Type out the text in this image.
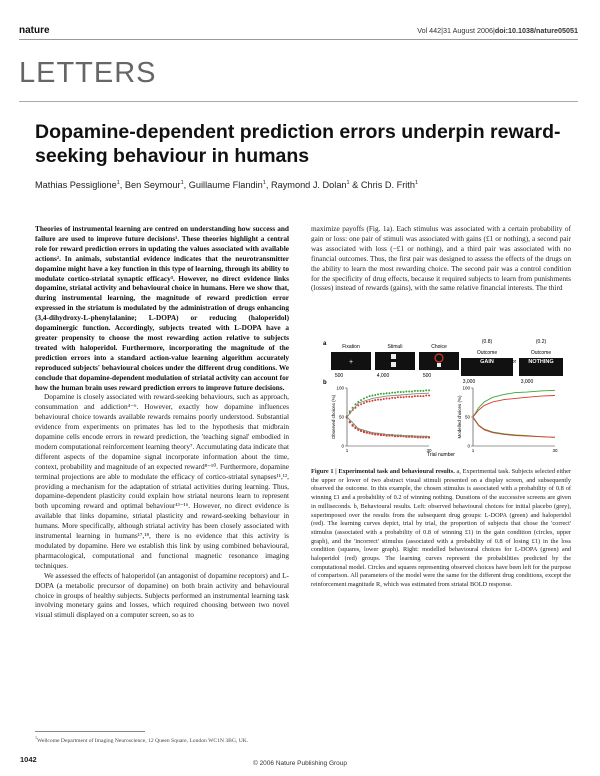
nature	Vol 442|31 August 2006|doi:10.1038/nature05051
LETTERS
Dopamine-dependent prediction errors underpin reward-seeking behaviour in humans
Mathias Pessiglione$^1$, Ben Seymour$^1$, Guillaume Flandin$^1$, Raymond J. Dolan$^1$ & Chris D. Frith$^1$

Theories of instrumental learning are centred on understanding how success and failure are used to improve future decisions¹. These theories highlight a central role for reward prediction errors in updating the values associated with available actions². In animals, substantial evidence indicates that the neurotransmitter dopamine might have a key function in this type of learning, through its ability to modulate cortico-striatal synaptic efficacy³. However, no direct evidence links dopamine, striatal activity and behavioural choice in humans. Here we show that, during instrumental learning, the magnitude of reward prediction error expressed in the striatum is modulated by the administration of drugs enhancing (3,4-dihydroxy-L-phenylalanine; L-DOPA) or reducing (haloperidol) dopaminergic function. Accordingly, subjects treated with L-DOPA have a greater propensity to choose the most rewarding action relative to subjects treated with haloperidol. Furthermore, incorporating the magnitude of the prediction errors into a standard action-value learning algorithm accurately reproduced subjects' behavioural choices under the different drug conditions. We conclude that dopamine-dependent modulation of striatal activity can account for how the human brain uses reward prediction errors to improve future decisions.

Dopamine is closely associated with reward-seeking behaviours, such as approach, consummation and addiction⁴⁻⁶. However, exactly how dopamine influences behavioural choice towards available rewards remains poorly understood. Substantial evidence from experiments on primates has led to the hypothesis that midbrain dopamine cells encode errors in reward prediction, the 'teaching signal' embodied in modern computational reinforcement learning theory⁷. Accumulating data indicate that different aspects of the dopamine signal incorporate information about the time, context, probability and magnitude of an expected reward⁸⁻¹⁰. Furthermore, dopamine terminal projections are able to modulate the efficacy of cortico-striatal synapses¹¹,¹², providing a mechanism for the adaptation of striatal activities during learning. Thus, dopamine-dependent plasticity could explain how striatal neurons learn to represent both upcoming reward and optimal behaviour¹³⁻¹⁶. However, no direct evidence is available that links dopamine, striatal plasticity and reward-seeking behaviour in humans. More specifically, although striatal activity has been closely associated with instrumental learning in humans¹⁷,¹⁸, there is no evidence that this activity is modulated by dopamine. Here we establish this link by using combined behavioural, pharmacological, computational and functional magnetic resonance imaging techniques.

We assessed the effects of haloperidol (an antagonist of dopamine receptors) and L-DOPA (a metabolic precursor of dopamine) on both brain activity and behavioural choice in groups of healthy subjects. Subjects performed an instrumental learning task involving monetary gains and losses, which required choosing between two novel visual stimuli displayed on a computer screen, so as to

maximize payoffs (Fig. 1a). Each stimulus was associated with a certain probability of gain or loss: one pair of stimuli was associated with gains (£1 or nothing), a second pair was associated with loss (−£1 or nothing), and a third pair was associated with no financial outcomes. Thus, the first pair was designed to assess the effects of the drugs on the ability to learn the most rewarding choice. The second pair was a control condition for the specificity of drug effects, because it required subjects to learn from punishments (losses) instead of rewards (gains), with the same relative financial interests. The third

a	Fixation
500
Stimuli
4,000
Choice
500
Outcome
3,000
Outcome
3,000
(0.8)	(0.2)
+	GAIN	NOTHING
or
b
0
50
100
1	30
Observed choices (%)
0
50
100
1	30
Modelled choices (%)
Trial number
Figure 1 | Experimental task and behavioural results. a, Experimental task. Subjects selected either the upper or lower of two abstract visual stimuli presented on a display screen, and subsequently observed the outcome. In this example, the chosen stimulus is associated with a probability of 0.8 of winning £1 and a probability of 0.2 of winning nothing. Durations of the successive screens are given in milliseconds. b, Behavioural results. Left: observed behavioural choices for initial placebo (grey), superimposed over the results from the subsequent drug groups: L-DOPA (green) and haloperidol (red). The learning curves depict, trial by trial, the proportion of subjects that chose the 'correct' stimulus (associated with a probability of 0.8 of winning £1) in the gain condition (circles, upper graph), and the 'incorrect' stimulus (associated with a probability of 0.8 of losing £1) in the loss condition (squares, lower graph). Right: modelled behavioural choices for L-DOPA (green) and haloperidol (red) groups. The learning curves represent the probabilities predicted by the computational model. Circles and squares representing observed choices have been left for the purpose of comparison. All parameters of the model were the same for the different drug conditions, except the reinforcement magnitude R, which was estimated from striatal BOLD response.
$^1$Wellcome Department of Imaging Neuroscience, 12 Queen Square, London WC1N 3BG, UK.
1042	© 2006 Nature Publishing Group
